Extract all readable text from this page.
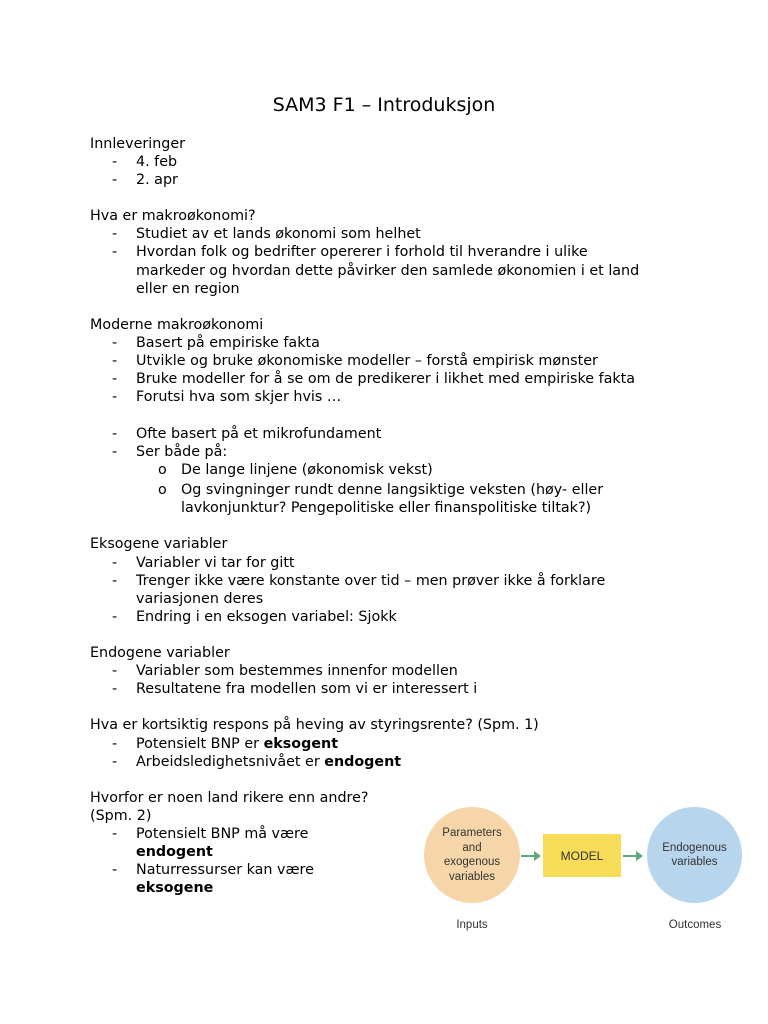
SAM3 F1 – Introduksjon
Innleveringer
- 4. feb
- 2. apr
Hva er makroøkonomi?
- Studiet av et lands økonomi som helhet
- Hvordan folk og bedrifter opererer i forhold til hverandre i ulike
markeder og hvordan dette påvirker den samlede økonomien i et land
eller en region
Moderne makroøkonomi
- Basert på empiriske fakta
- Utvikle og bruke økonomiske modeller – forstå empirisk mønster
- Bruke modeller for å se om de predikerer i likhet med empiriske fakta
- Forutsi hva som skjer hvis …
- Ofte basert på et mikrofundament
- Ser både på:
o De lange linjene (økonomisk vekst)
o Og svingninger rundt denne langsiktige veksten (høy- eller
lavkonjunktur? Pengepolitiske eller finanspolitiske tiltak?)
Eksogene variabler
- Variabler vi tar for gitt
- Trenger ikke være konstante over tid – men prøver ikke å forklare
variasjonen deres
- Endring i en eksogen variabel: Sjokk
Endogene variabler
- Variabler som bestemmes innenfor modellen
- Resultatene fra modellen som vi er interessert i
Hva er kortsiktig respons på heving av styringsrente? (Spm. 1)
- Potensielt BNP er eksogent
- Arbeidsledighetsnivået er endogent
Hvorfor er noen land rikere enn andre?
(Spm. 2)
- Potensielt BNP må være
endogent
- Naturressurser kan være
eksogene
Parameters
and
exogenous
variables
MODEL
Endogenous
variables
Inputs	Outcomes
